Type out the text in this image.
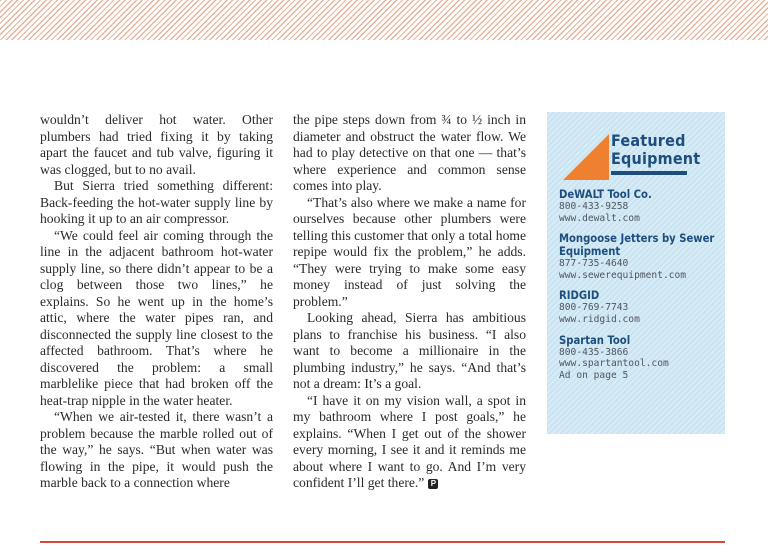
wouldn’t deliver hot water. Other plumbers had tried fixing it by taking apart the faucet and tub valve, figuring it was clogged, but to no avail.

But Sierra tried something different: Back-feeding the hot-water supply line by hooking it up to an air compressor.

“We could feel air coming through the line in the adjacent bathroom hot-water supply line, so there didn’t appear to be a clog between those two lines,” he explains. So he went up in the home’s attic, where the water pipes ran, and disconnected the supply line closest to the affected bathroom. That’s where he discovered the problem: a small marblelike piece that had broken off the heat-trap nipple in the water heater.

“When we air-tested it, there wasn’t a problem because the marble rolled out of the way,” he says. “But when water was flowing in the pipe, it would push the marble back to a connection where

the pipe steps down from ¾ to ½ inch in diameter and obstruct the water flow. We had to play detective on that one — that’s where experience and common sense comes into play.

“That’s also where we make a name for ourselves because other plumbers were telling this customer that only a total home repipe would fix the problem,” he adds. “They were trying to make some easy money instead of just solving the problem.”

Looking ahead, Sierra has ambitious plans to franchise his business. “I also want to become a millionaire in the plumbing industry,” he says. “And that’s not a dream: It’s a goal.

“I have it on my vision wall, a spot in my bathroom where I post goals,” he explains. “When I get out of the shower every morning, I see it and it reminds me about where I want to go. And I’m very confident I’ll get there.” P

Featured
Equipment

DeWALT Tool Co.

800-433-9258

www.dewalt.com

Mongoose Jetters by Sewer Equipment

877-735-4640

www.sewerequipment.com

RIDGID

800-769-7743

www.ridgid.com

Spartan Tool

800-435-3866

www.spartantool.com

Ad on page 5
